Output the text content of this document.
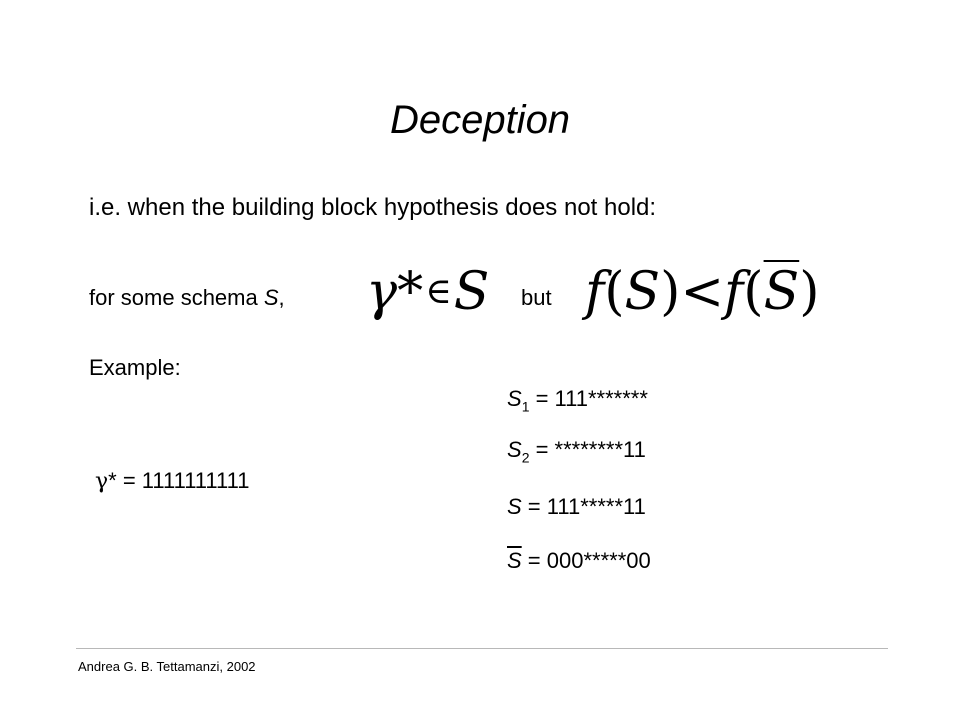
Deception
i.e. when the building block hypothesis does not hold:
for some schema S, γ*∈S but $f(S)<f(\overline{S})$
Example:
γ* = 1111111111
$S_1 = 111*******$
$S_2 = ********11$
S = 111*****11
$\overline{S} = 000*****00$
Andrea G. B. Tettamanzi, 2002
